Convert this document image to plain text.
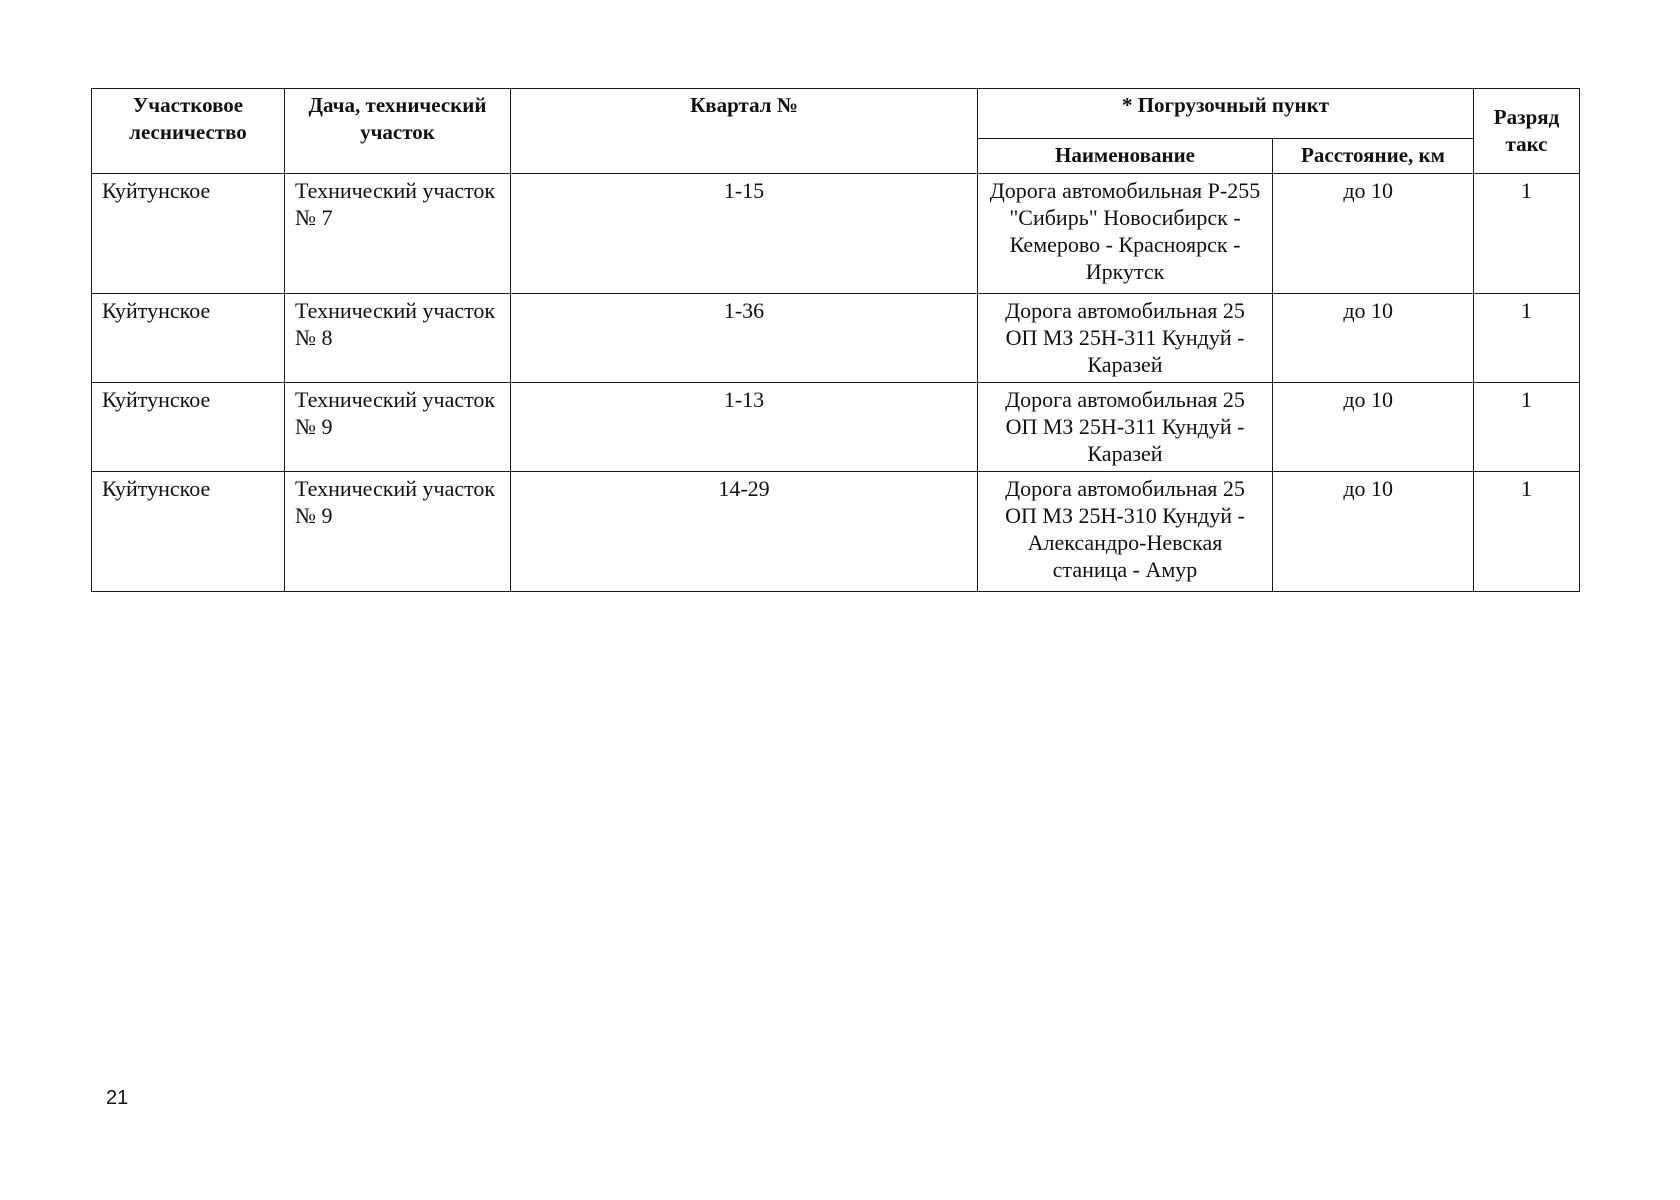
Участковое лесничество	Дача, технический участок	Квартал №	* Погрузочный пункт		Разряд такс
			Наименование	Расстояние, км	
Куйтунское	Технический участок № 7	1-15	Дорога автомобильная Р-255 "Сибирь" Новосибирск - Кемерово - Красноярск - Иркутск	до 10	1
Куйтунское	Технический участок № 8	1-36	Дорога автомобильная 25 ОП МЗ 25Н-311 Кундуй - Каразей	до 10	1
Куйтунское	Технический участок № 9	1-13	Дорога автомобильная 25 ОП МЗ 25Н-311 Кундуй - Каразей	до 10	1
Куйтунское	Технический участок № 9	14-29	Дорога автомобильная 25 ОП МЗ 25Н-310 Кундуй - Александро-Невская станица - Амур	до 10	1
21
